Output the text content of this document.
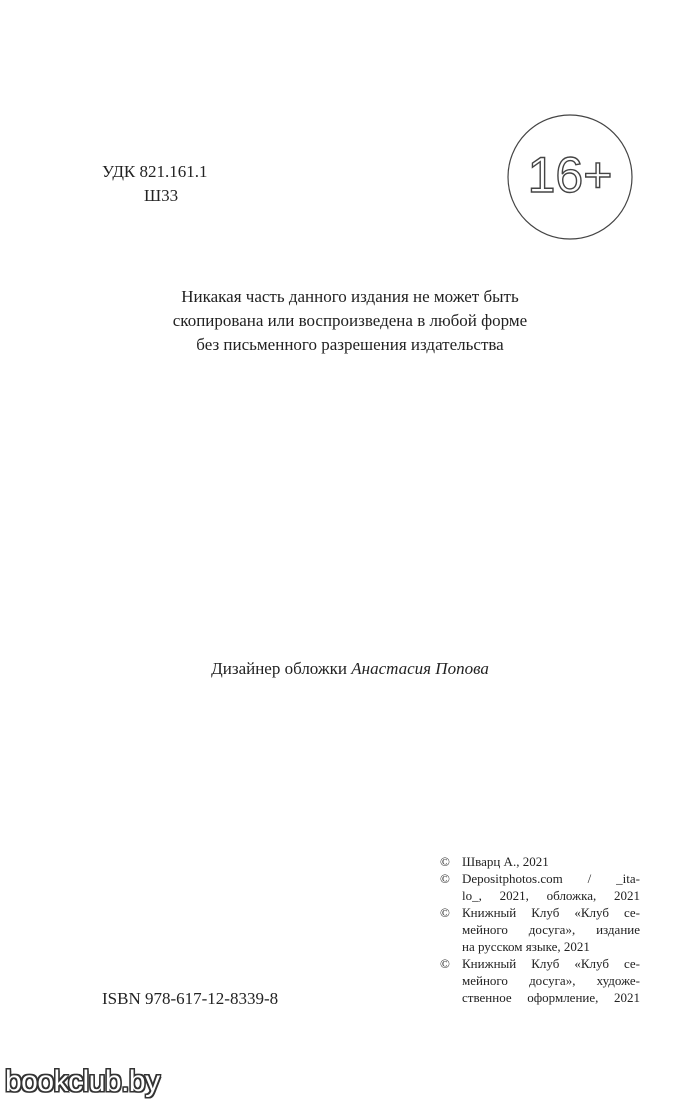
УДК 821.161.1
Ш33	16+
Никакая часть данного издания не может быть
скопирована или воспроизведена в любой форме
без письменного разрешения издательства
Дизайнер обложки Анастасия Попова
© Шварц А., 2021
© Depositphotos.com / _ita-
lo_, 2021, обложка, 2021
© Книжный Клуб «Клуб се-
мейного досуга», издание
на русском языке, 2021
© Книжный Клуб «Клуб се-
мейного досуга», художе-
ственное оформление, 2021
ISBN 978-617-12-8339-8
bookclub.by
